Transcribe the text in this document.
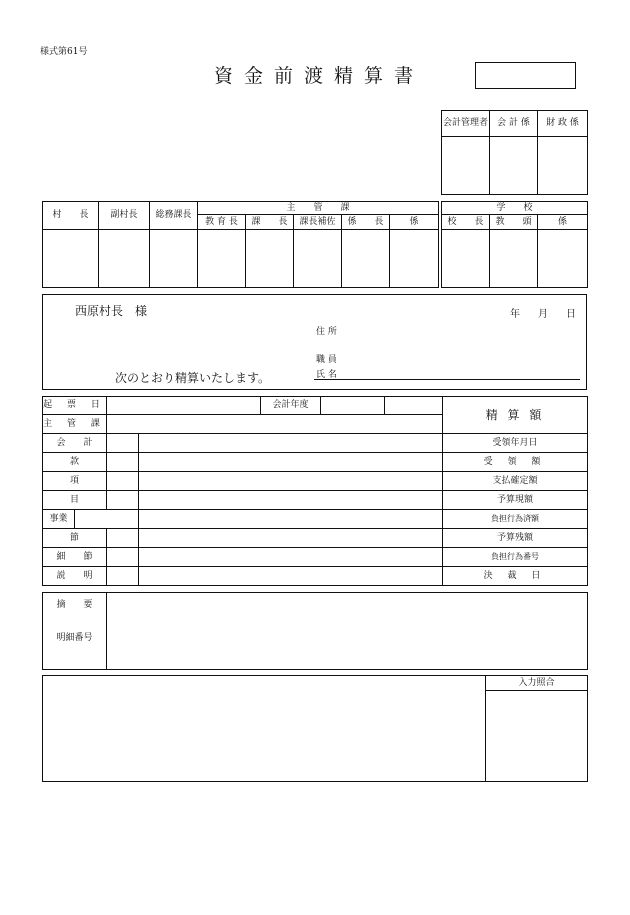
様式第61号
資金前渡精算書
会計管理者	会 計 係	財 政 係

村　　長	副村長	総務課長	主　　管　　課				
			教 育 長	課　　長	課長補佐	係　　長	係

学　　校		
校　　長	教　　頭	係

西原村長　様	年　月　日
住 所
職 員
氏 名
次のとおり精算いたします。
起 票 日				会計年度			精 算 額	
主 管 課								
会　　計							受領年月日	
款							受 領 額	
項							支払確定額	
目							予算現額	
事業							負担行為済額	
節							予算残額	
細　　節							負担行為番号	
説　　明							決 裁 日	
摘　　要
明細番号

	入力照合
